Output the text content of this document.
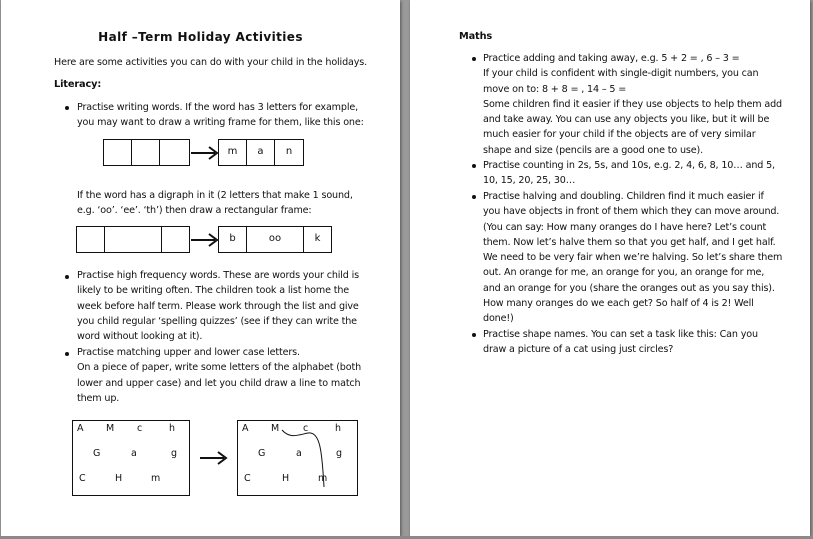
Half –Term Holiday Activities
Here are some activities you can do with your child in the holidays.
Literacy:
Practise writing words. If the word has 3 letters for example,
you may want to draw a writing frame for them, like this one:
m	a	n
If the word has a digraph in it (2 letters that make 1 sound,
e.g. ‘oo’. ‘ee’. ‘th’) then draw a rectangular frame:
b	oo	k
Practise high frequency words. These are words your child is
likely to be writing often. The children took a list home the
week before half term. Please work through the list and give
you child regular ‘spelling quizzes’ (see if they can write the
word without looking at it).
Practise matching upper and lower case letters.
On a piece of paper, write some letters of the alphabet (both
lower and upper case) and let you child draw a line to match
them up.
A M c	h
G	a	g
C	H	m
A M	c	h
G	a	g
C	H	m
Maths
Practice adding and taking away, e.g. 5 + 2 = , 6 – 3 =
If your child is confident with single-digit numbers, you can
move on to: 8 + 8 = , 14 – 5 =
Some children find it easier if they use objects to help them add
and take away. You can use any objects you like, but it will be
much easier for your child if the objects are of very similar
shape and size (pencils are a good one to use).
Practise counting in 2s, 5s, and 10s, e.g. 2, 4, 6, 8, 10… and 5,
10, 15, 20, 25, 30…
Practise halving and doubling. Children find it much easier if
you have objects in front of them which they can move around.
(You can say: How many oranges do I have here? Let’s count
them. Now let’s halve them so that you get half, and I get half.
We need to be very fair when we’re halving. So let’s share them
out. An orange for me, an orange for you, an orange for me,
and an orange for you (share the oranges out as you say this).
How many oranges do we each get? So half of 4 is 2! Well
done!)
Practise shape names. You can set a task like this: Can you
draw a picture of a cat using just circles?
